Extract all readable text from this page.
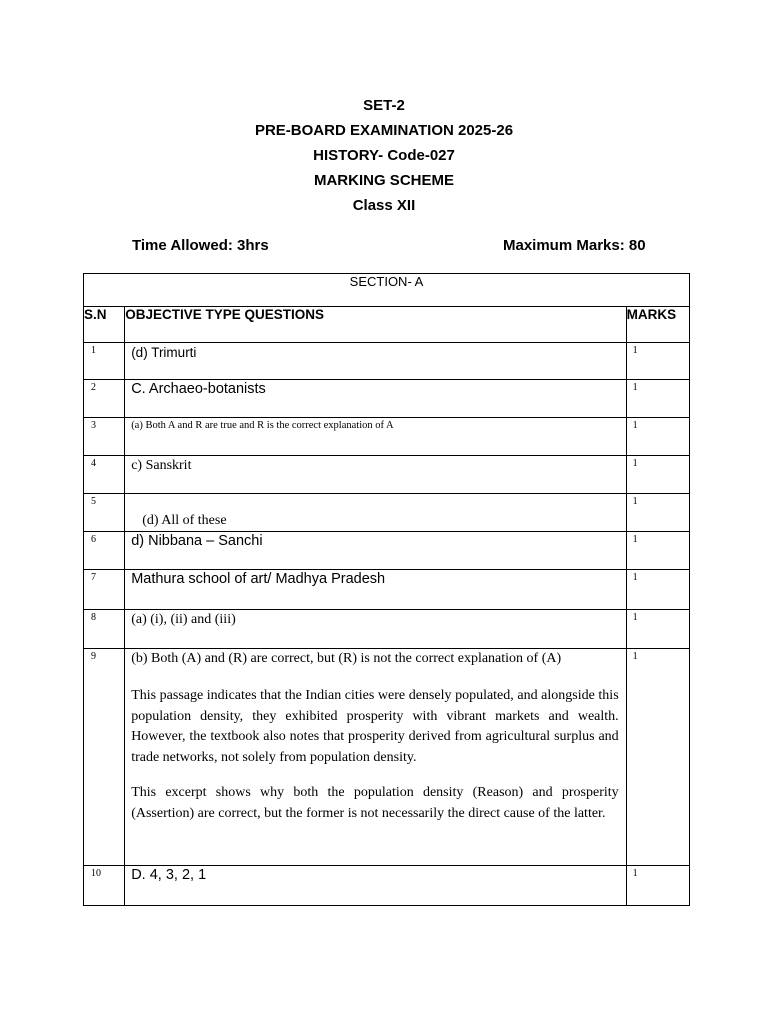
SET-2
PRE-BOARD EXAMINATION 2025-26
HISTORY- Code-027
MARKING SCHEME
Class XII
Time Allowed: 3hrs	Maximum Marks: 80
SECTION- A		
S.N	OBJECTIVE TYPE QUESTIONS	MARKS
1	(d) Trimurti	1
2	C. Archaeo-botanists	1
3	(a) Both A and R are true and R is the correct explanation of A	1
4	c) Sanskrit	1
5	(d) All of these	1
6	d) Nibbana – Sanchi	1
7	Mathura school of art/ Madhya Pradesh	1
8	(a) (i), (ii) and (iii)	1
9	(b) Both (A) and (R) are correct, but (R) is not the correct explanation of (A)

This passage indicates that the Indian cities were densely populated, and alongside this population density, they exhibited prosperity with vibrant markets and wealth. However, the textbook also notes that prosperity derived from agricultural surplus and trade networks, not solely from population density.

This excerpt shows why both the population density (Reason) and prosperity (Assertion) are correct, but the former is not necessarily the direct cause of the latter.	1
10	D. 4, 3, 2, 1	1
